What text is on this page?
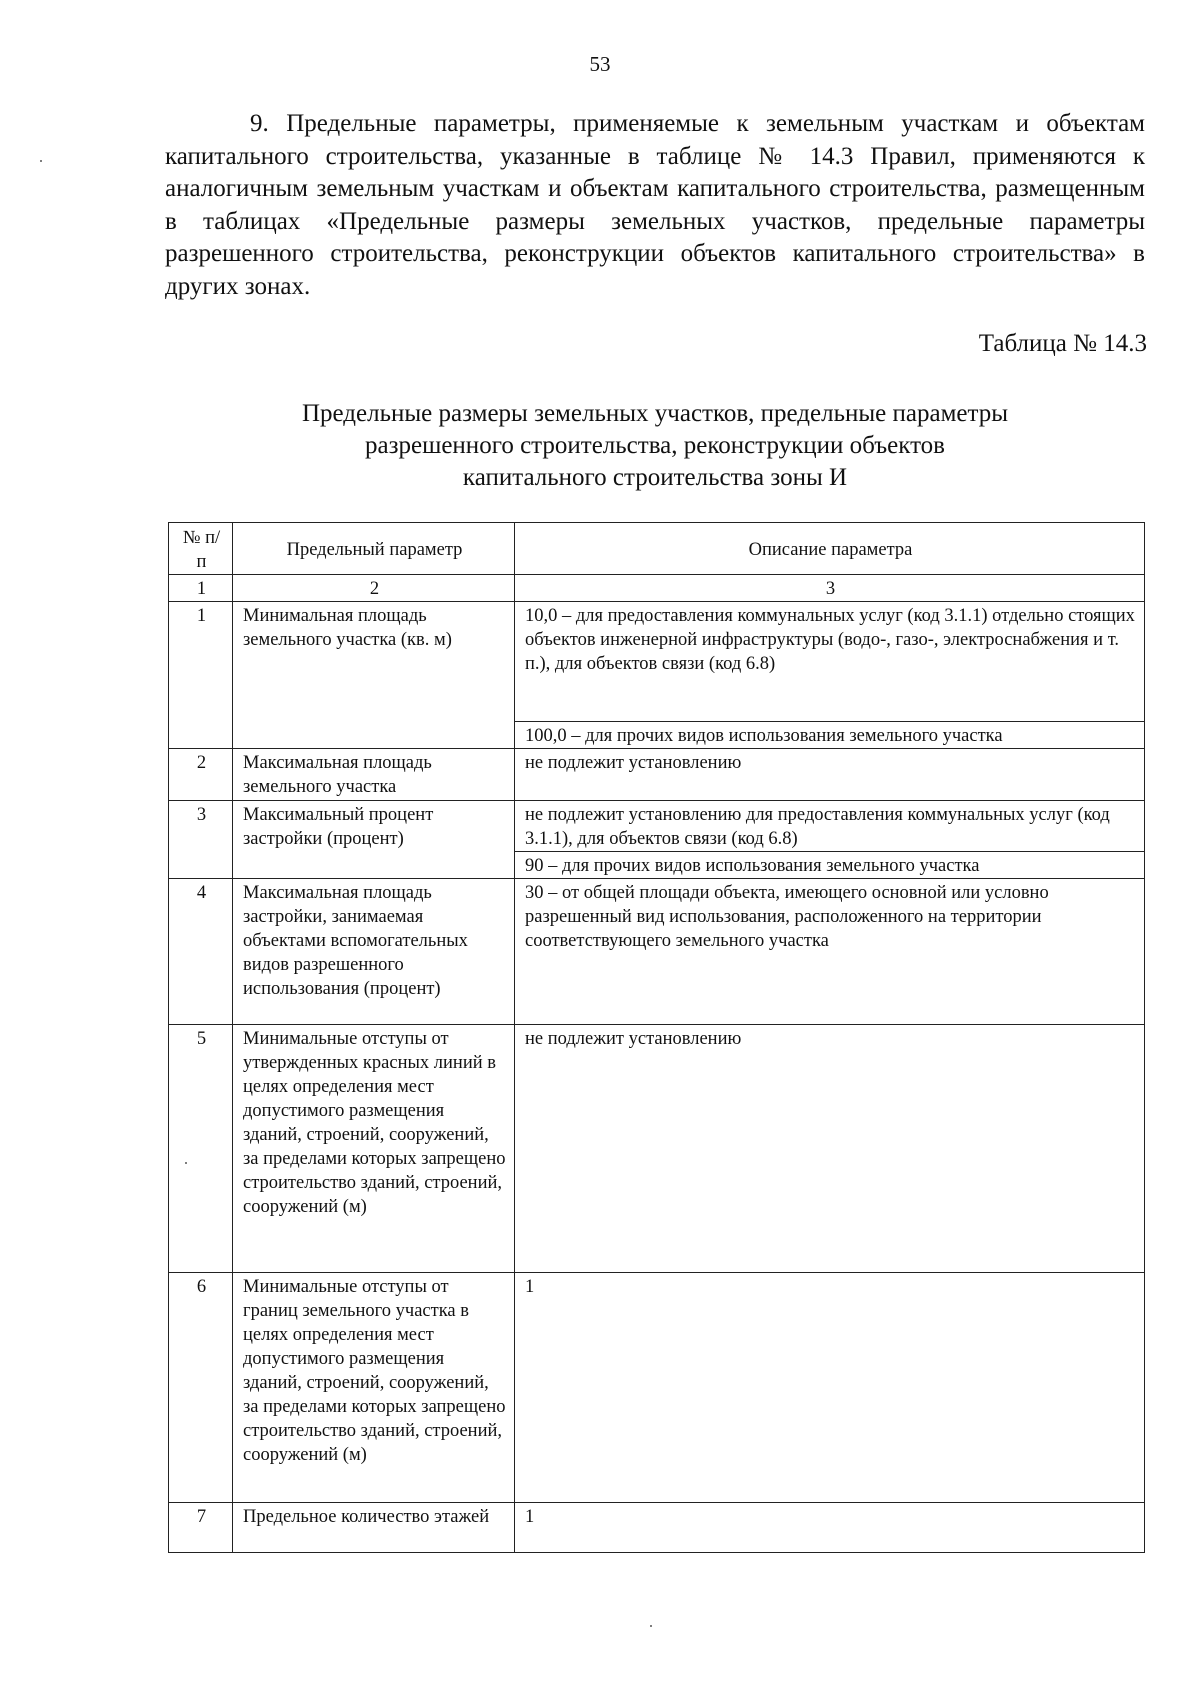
53

9. Предельные параметры, применяемые к земельным участкам и объектам капитального строительства, указанные в таблице № 14.3 Правил, применяются к аналогичным земельным участкам и объектам капитального строительства, размещенным в таблицах «Предельные размеры земельных участков, предельные параметры разрешенного строительства, реконструкции объектов капитального строительства» в других зонах.

Таблица № 14.3
Предельные размеры земельных участков, предельные параметры
разрешенного строительства, реконструкции объектов
капитального строительства зоны И
№ п/п	Предельный параметр	Описание параметра
1	2	3
1	Минимальная площадь земельного участка (кв. м)	10,0 – для предоставления коммунальных услуг (код 3.1.1) отдельно стоящих объектов инженерной инфраструктуры (водо-, газо-, электроснабжения и т. п.), для объектов связи (код 6.8)
		100,0 – для прочих видов использования земельного участка
2	Максимальная площадь земельного участка	не подлежит установлению
3	Максимальный процент застройки (процент)	не подлежит установлению для предоставления коммунальных услуг (код 3.1.1), для объектов связи (код 6.8)
		90 – для прочих видов использования земельного участка
4	Максимальная площадь застройки, занимаемая объектами вспомогательных видов разрешенного использования (процент)	30 – от общей площади объекта, имеющего основной или условно разрешенный вид использования, расположенного на территории соответствующего земельного участка
5	Минимальные отступы от утвержденных красных линий в целях определения мест допустимого размещения зданий, строений, сооружений, за пределами которых запрещено строительство зданий, строений, сооружений (м)	не подлежит установлению
6	Минимальные отступы от границ земельного участка в целях определения мест допустимого размещения зданий, строений, сооружений, за пределами которых запрещено строительство зданий, строений, сооружений (м)	1
7	Предельное количество этажей	1
